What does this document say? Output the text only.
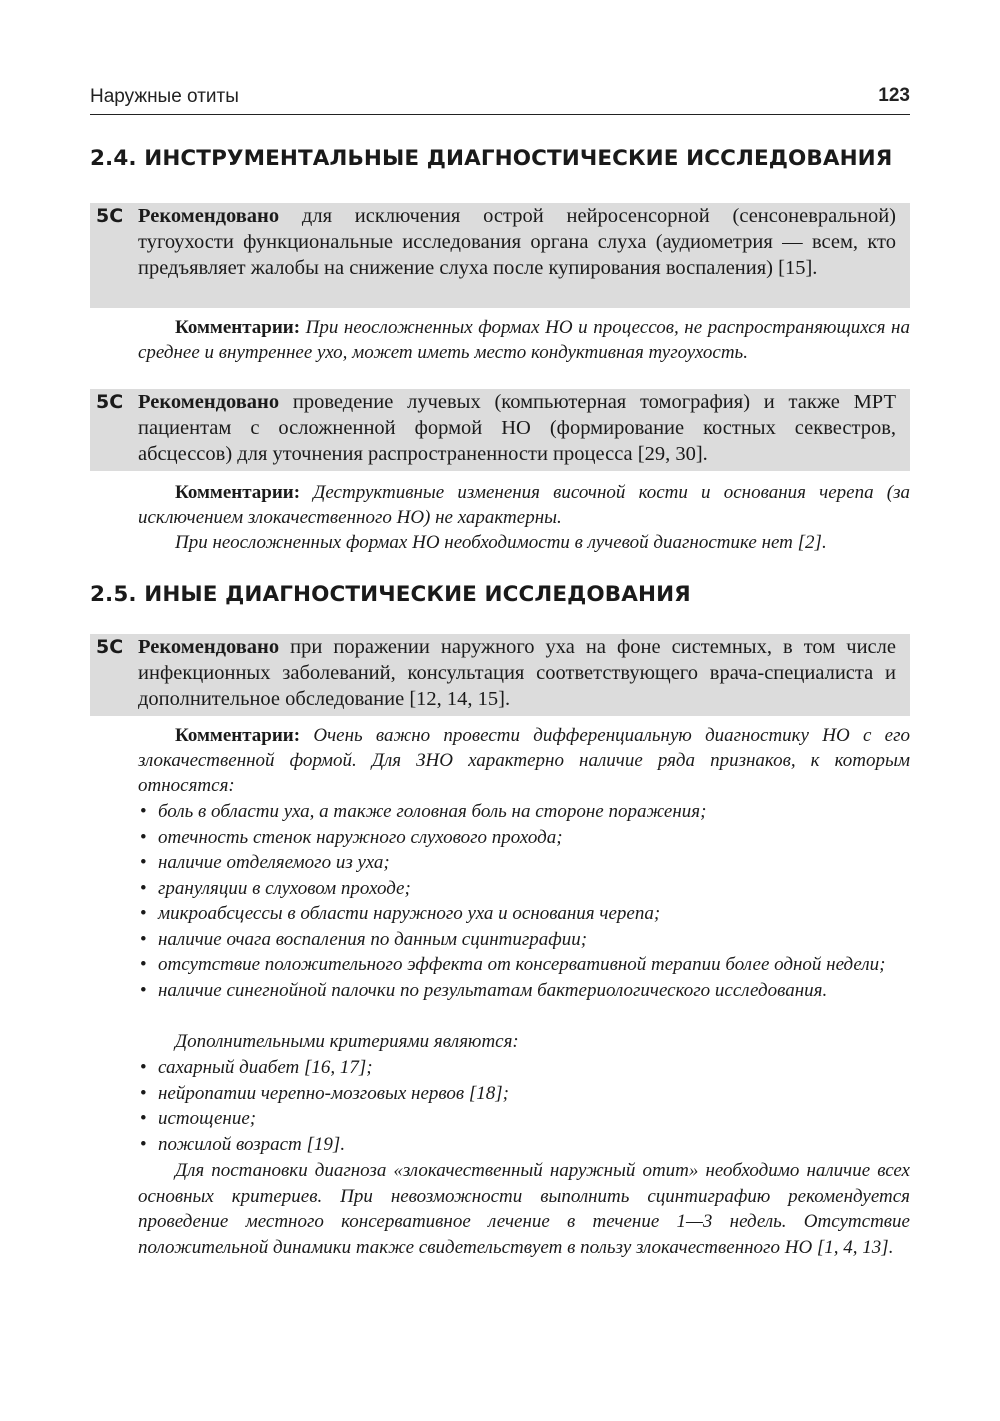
Наружные отиты	123
2.4. ИНСТРУМЕНТАЛЬНЫЕ ДИАГНОСТИЧЕСКИЕ ИССЛЕДОВАНИЯ
5C Рекомендовано для исключения острой нейросенсорной (сенсоневральной) тугоухости функциональные исследования органа слуха (аудиометрия — всем, кто предъявляет жалобы на снижение слуха после купирования воспаления) [15].

Комментарии: При неосложненных формах НО и процессов, не распространяющихся на среднее и внутреннее ухо, может иметь место кондуктивная тугоухость.

5C Рекомендовано проведение лучевых (компьютерная томография) и также МРТ пациентам с осложненной формой НО (формирование костных секвестров, абсцессов) для уточнения распространенности процесса [29, 30].

Комментарии: Деструктивные изменения височной кости и основания черепа (за исключением злокачественного НО) не характерны.

При неосложненных формах НО необходимости в лучевой диагностике нет [2].

2.5. ИНЫЕ ДИАГНОСТИЧЕСКИЕ ИССЛЕДОВАНИЯ
5C Рекомендовано при поражении наружного уха на фоне системных, в том числе инфекционных заболеваний, консультация соответствующего врача-специалиста и дополнительное обследование [12, 14, 15].

Комментарии: Очень важно провести дифференциальную диагностику НО с его злокачественной формой. Для ЗНО характерно наличие ряда признаков, к которым относятся:

• боль в области уха, а также головная боль на стороне поражения;
• отечность стенок наружного слухового прохода;
• наличие отделяемого из уха;
• грануляции в слуховом проходе;
• микроабсцессы в области наружного уха и основания черепа;
• наличие очага воспаления по данным сцинтиграфии;
• отсутствие положительного эффекта от консервативной терапии более одной недели;
• наличие синегнойной палочки по результатам бактериологического исследования.

Дополнительными критериями являются:

• сахарный диабет [16, 17];
• нейропатии черепно-мозговых нервов [18];
• истощение;
• пожилой возраст [19].

Для постановки диагноза «злокачественный наружный отит» необходимо наличие всех основных критериев. При невозможности выполнить сцинтиграфию рекомендуется проведение местного консервативное лечение в течение 1—3 недель. Отсутствие положительной динамики также свидетельствует в пользу злокачественного НО [1, 4, 13].
